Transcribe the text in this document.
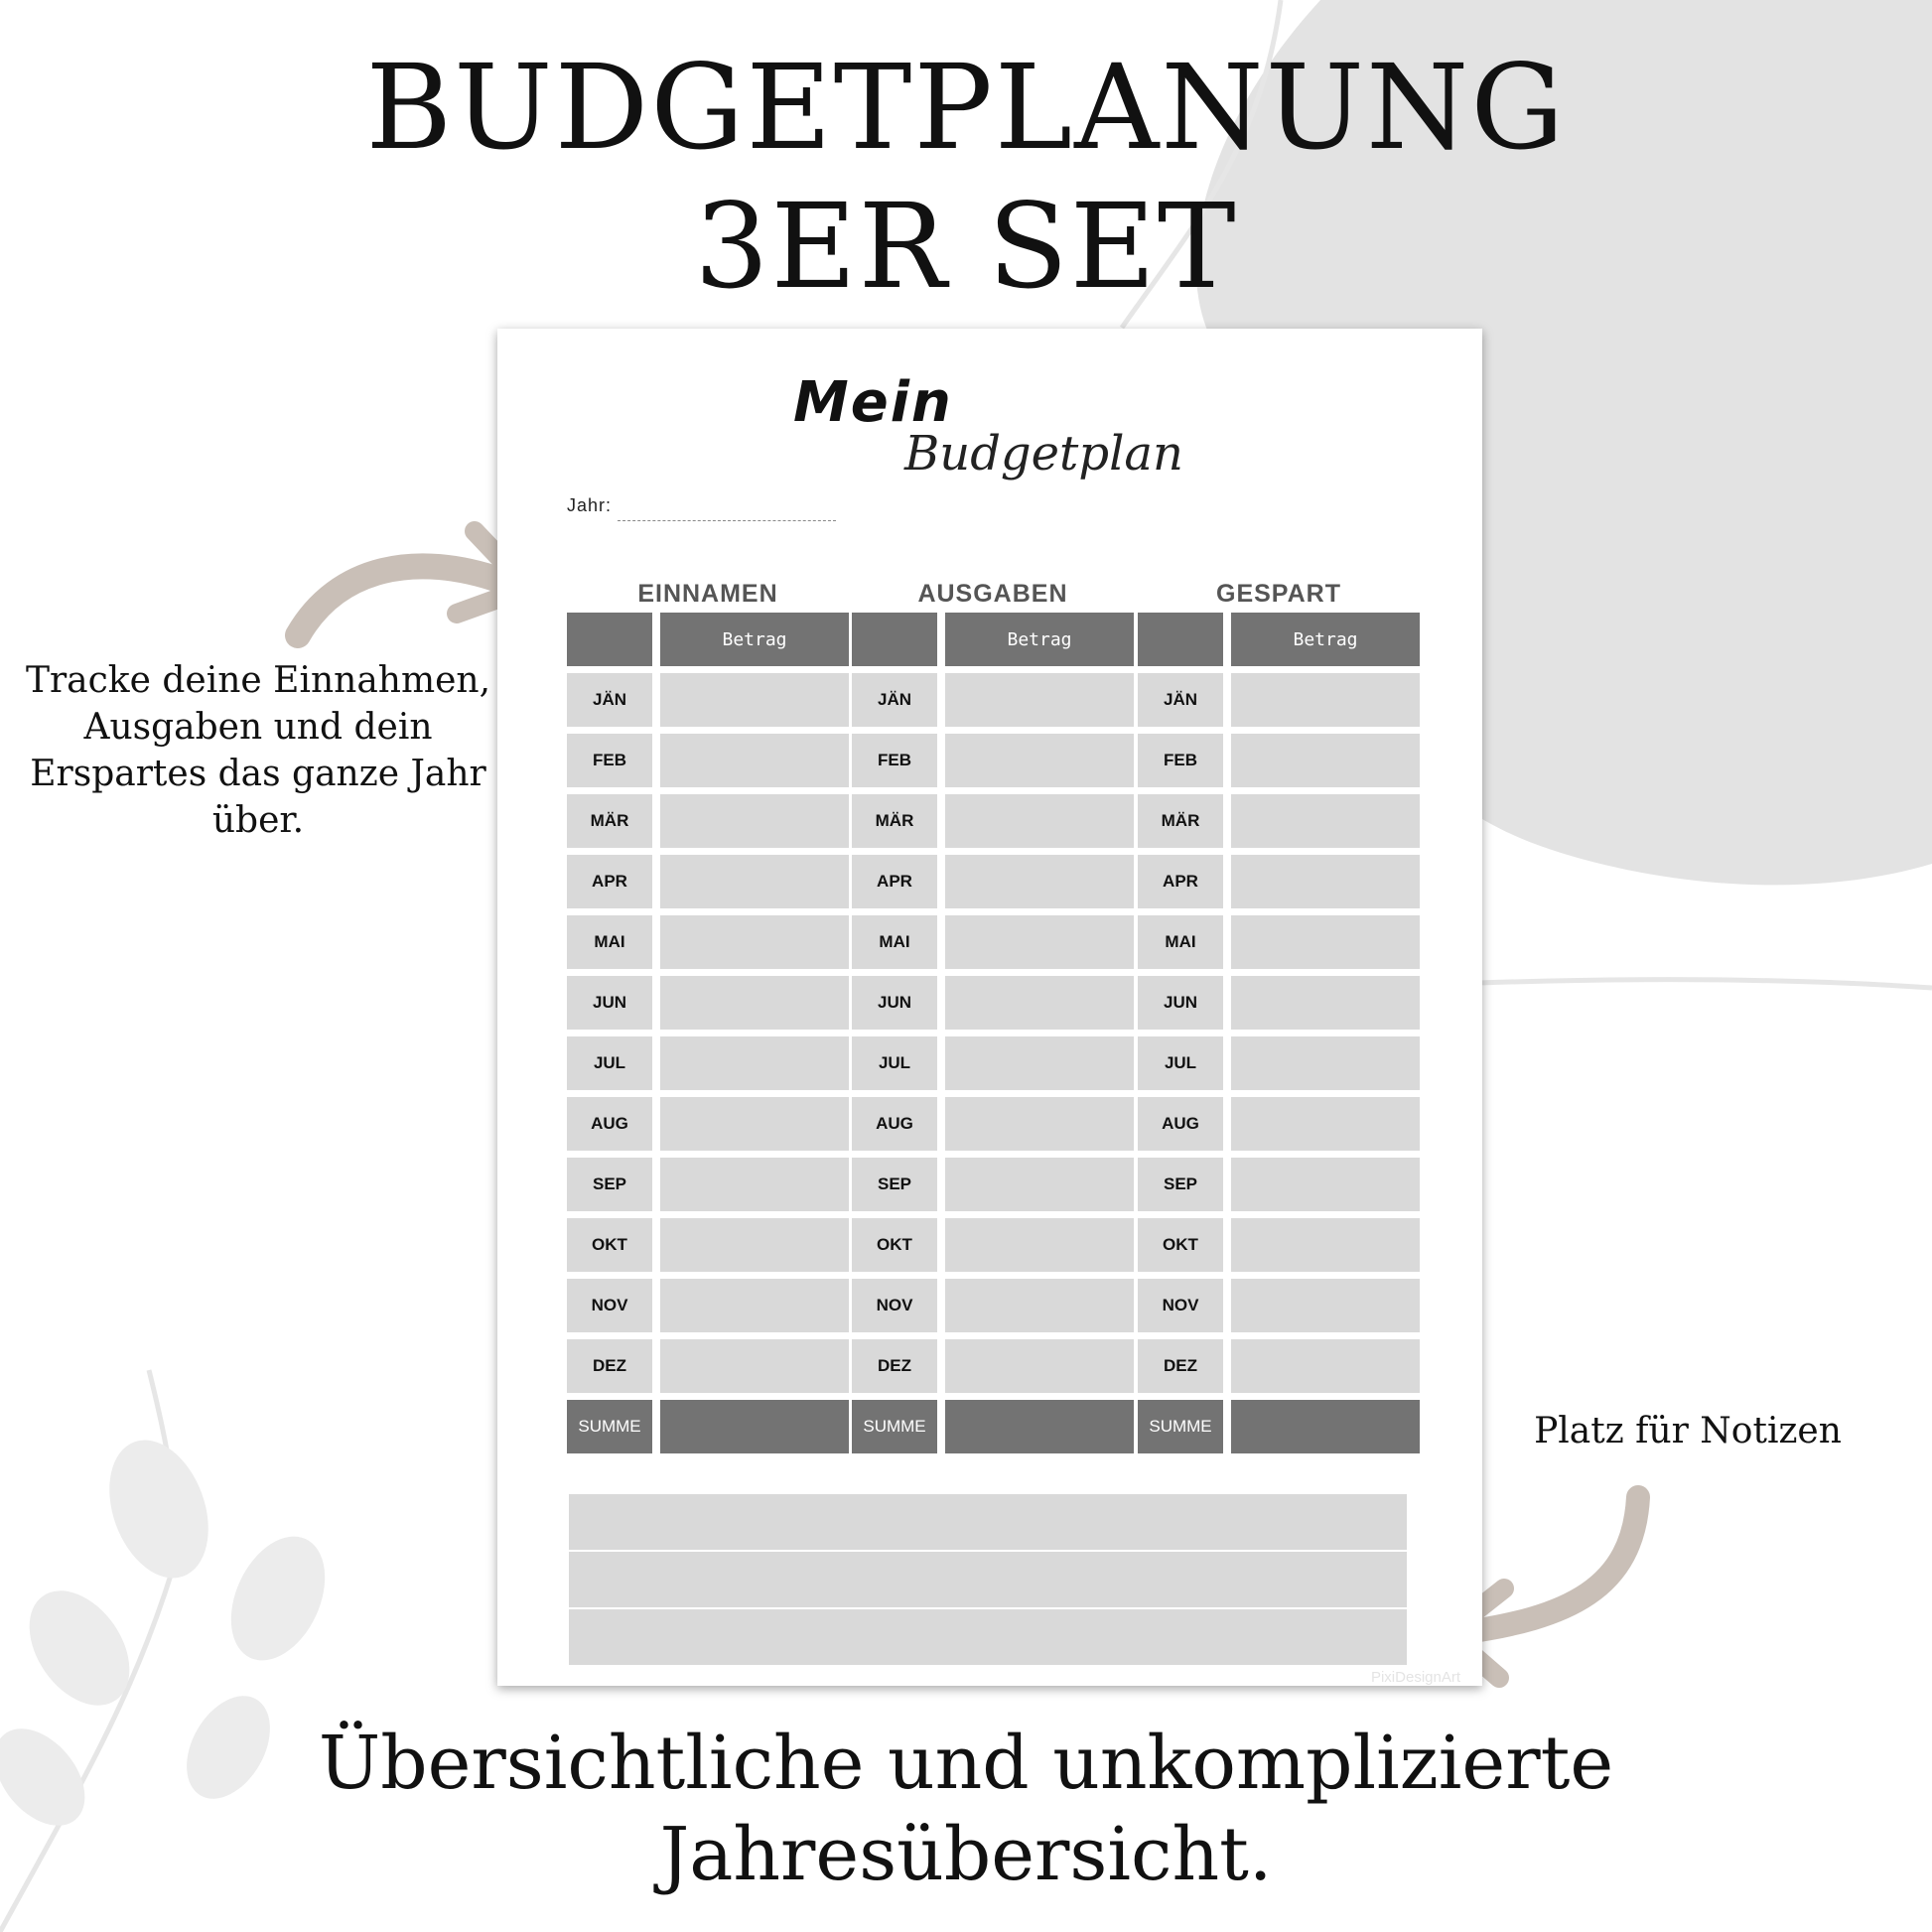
BUDGETPLANUNG
3ER SET
Tracke deine Einnahmen,
Ausgaben und dein
Erspartes das ganze Jahr
über.
Platz für Notizen
Mein
Budgetplan
Jahr:
EINNAMEN
Betrag
JÄN
FEB
MÄR
APR
MAI
JUN
JUL
AUG
SEP
OKT
NOV
DEZ
SUMME
AUSGABEN
Betrag
JÄN
FEB
MÄR
APR
MAI
JUN
JUL
AUG
SEP
OKT
NOV
DEZ
SUMME
GESPART
Betrag
JÄN
FEB
MÄR
APR
MAI
JUN
JUL
AUG
SEP
OKT
NOV
DEZ
SUMME
PixiDesignArt
Übersichtliche und unkomplizierte
Jahresübersicht.
